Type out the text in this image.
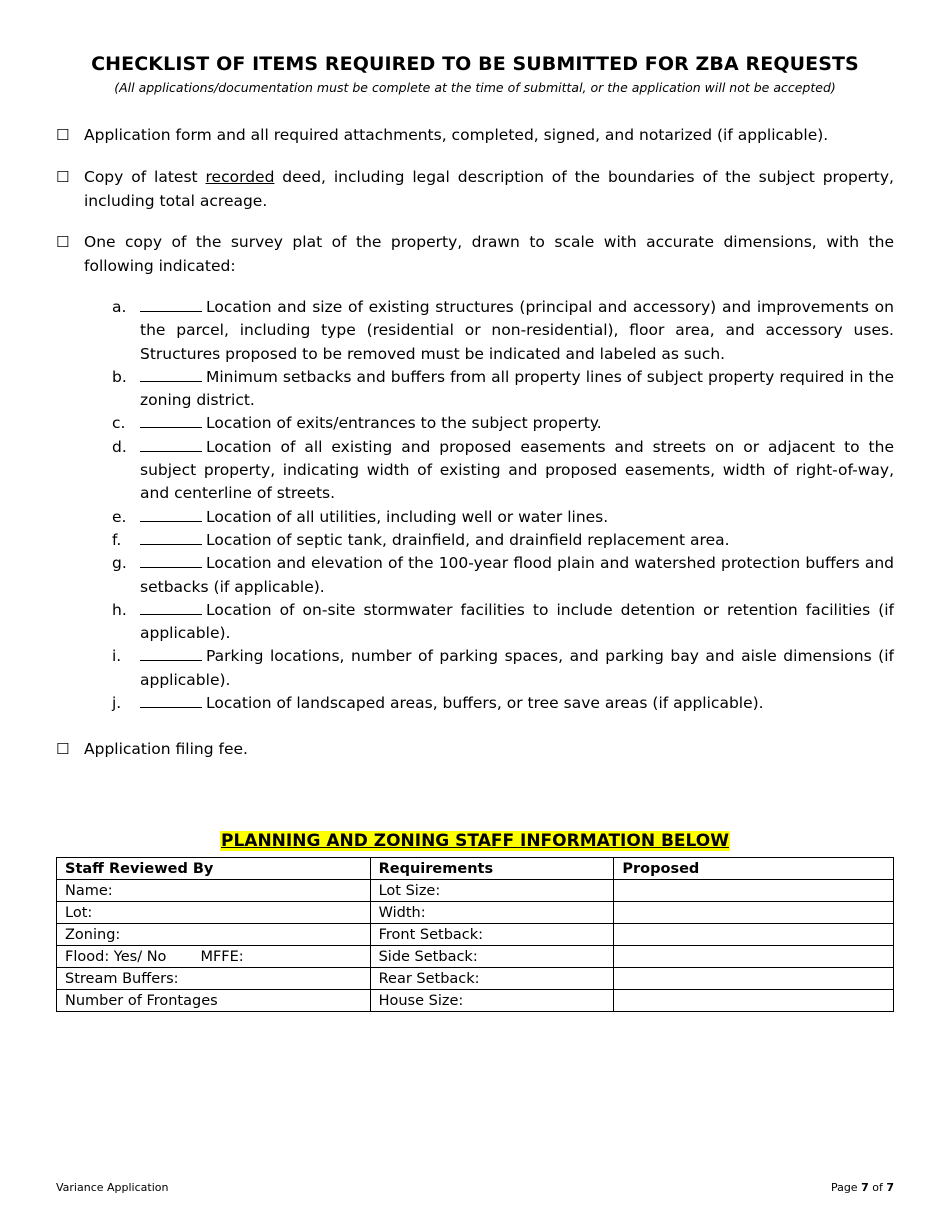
CHECKLIST OF ITEMS REQUIRED TO BE SUBMITTED FOR ZBA REQUESTS
(All applications/documentation must be complete at the time of submittal, or the application will not be accepted)
☐ Application form and all required attachments, completed, signed, and notarized (if applicable).
☐ Copy of latest recorded deed, including legal description of the boundaries of the subject property, including total acreage.
☐ One copy of the survey plat of the property, drawn to scale with accurate dimensions, with the following indicated:
a.	Location and size of existing structures (principal and accessory) and improvements on the parcel, including type (residential or non-residential), floor area, and accessory uses. Structures proposed to be removed must be indicated and labeled as such.
b.	Minimum setbacks and buffers from all property lines of subject property required in the zoning district.
c.	Location of exits/entrances to the subject property.
d.	Location of all existing and proposed easements and streets on or adjacent to the subject property, indicating width of existing and proposed easements, width of right-of-way, and centerline of streets.
e.	Location of all utilities, including well or water lines.
f.	Location of septic tank, drainfield, and drainfield replacement area.
g.	Location and elevation of the 100-year flood plain and watershed protection buffers and setbacks (if applicable).
h.	Location of on-site stormwater facilities to include detention or retention facilities (if applicable).
i.	Parking locations, number of parking spaces, and parking bay and aisle dimensions (if applicable).
j.	Location of landscaped areas, buffers, or tree save areas (if applicable).
☐ Application filing fee.
PLANNING AND ZONING STAFF INFORMATION BELOW
Staff Reviewed By	Requirements	Proposed
Name:	Lot Size:	
Lot:	Width:	
Zoning:	Front Setback:	
Flood: Yes/ No MFFE:	Side Setback:	
Stream Buffers:	Rear Setback:	
Number of Frontages	House Size:	
Variance Application	Page 7 of 7
